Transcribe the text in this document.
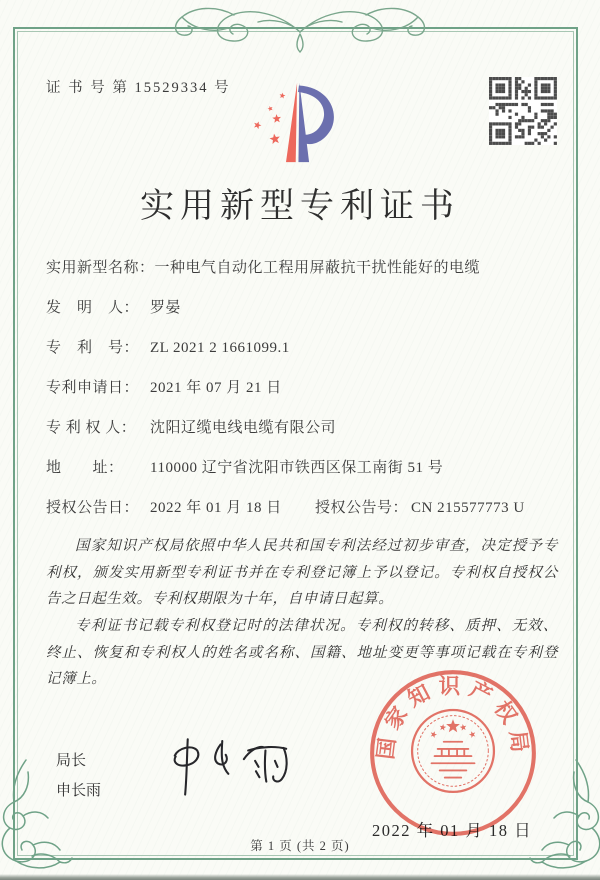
证 书 号 第 15529334 号
实用新型专利证书
实用新型名称： 一种电气自动化工程用屏蔽抗干扰性能好的电缆
发　明　人： 罗晏
专　利　号： ZL 2021 2 1661099.1
专利申请日： 2021 年 07 月 21 日
专 利 权 人： 沈阳辽缆电线电缆有限公司
地　　址：	110000 辽宁省沈阳市铁西区保工南街 51 号
授权公告日： 2022 年 01 月 18 日	授权公告号： CN 215577773 U

国家知识产权局依照中华人民共和国专利法经过初步审查，决定授予专利权，颁发实用新型专利证书并在专利登记簿上予以登记。专利权自授权公告之日起生效。专利权期限为十年，自申请日起算。

专利证书记载专利权登记时的法律状况。专利权的转移、质押、无效、终止、恢复和专利权人的姓名或名称、国籍、地址变更等事项记载在专利登记簿上。

局长
申长雨
2022 年 01 月 18 日
国家知识产权局
第 1 页 (共 2 页)
